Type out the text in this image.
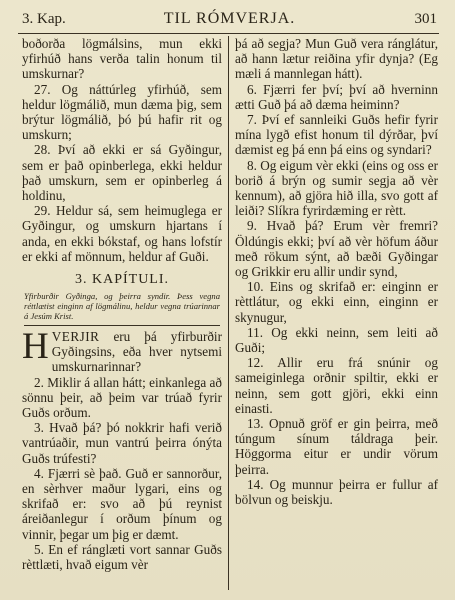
3. Kap.	TIL RÓMVERJA.	301

boðorða lögmálsins, mun ekki yfirhúð hans verða talin honum til umskurnar?

27. Og náttúrleg yfirhúð, sem heldur lögmálið, mun dæma þig, sem brýtur lögmálið, þó þú hafir rit og umskurn;

28. Því að ekki er sá Gyðingur, sem er það opinberlega, ekki heldur það umskurn, sem er opinberleg á holdinu,

29. Heldur sá, sem heimuglega er Gyðingur, og umskurn hjartans í anda, en ekki bókstaf, og hans lofstír er ekki af mönnum, heldur af Guði.

3. KAPÍTULI.
Yfirburðir Gyðinga, og þeirra syndir. Þess vegna réttlætist einginn af lögmálinu, heldur vegna trúarinnar á Jesúm Krist.

HVERJIR eru þá yfirburðir Gyðingsins, eða hver nytsemi umskurnarinnar?

2. Miklir á allan hátt; einkanlega að sönnu þeir, að þeim var trúað fyrir Guðs orðum.

3. Hvað þá? þó nokkrir hafi verið vantrúaðir, mun vantrú þeirra ónýta Guðs trúfesti?

4. Fjærri sè það. Guð er sannorður, en sèrhver maður lygari, eins og skrifað er: svo að þú reynist áreiðanlegur í orðum þínum og vinnir, þegar um þig er dæmt.

5. En ef ránglæti vort sannar Guðs rèttlæti, hvað eigum vèr

þá að segja? Mun Guð vera ránglátur, að hann lætur reiðina yfir dynja? (Eg mæli á mannlegan hátt).

6. Fjærri fer því; því að hverninn ætti Guð þá að dæma heiminn?

7. Því ef sannleiki Guðs hefir fyrir mína lygð efist honum til dýrðar, því dæmist eg þá enn þá eins og syndari?

8. Og eigum vèr ekki (eins og oss er borið á brýn og sumir segja að vèr kennum), að gjöra hið illa, svo gott af leiði? Slíkra fyrirdæming er rètt.

9. Hvað þá? Erum vèr fremri? Öldúngis ekki; því að vèr höfum áður með rökum sýnt, að bæði Gyðingar og Grikkir eru allir undir synd,

10. Eins og skrifað er: einginn er rèttlátur, og ekki einn, einginn er skynugur,

11. Og ekki neinn, sem leiti að Guði;

12. Allir eru frá snúnir og sameiginlega orðnir spiltir, ekki er neinn, sem gott gjöri, ekki einn einasti.

13. Opnuð gröf er gin þeirra, með túngum sínum táldraga þeir. Höggorma eitur er undir vörum þeirra.

14. Og munnur þeirra er fullur af bölvun og beiskju.
